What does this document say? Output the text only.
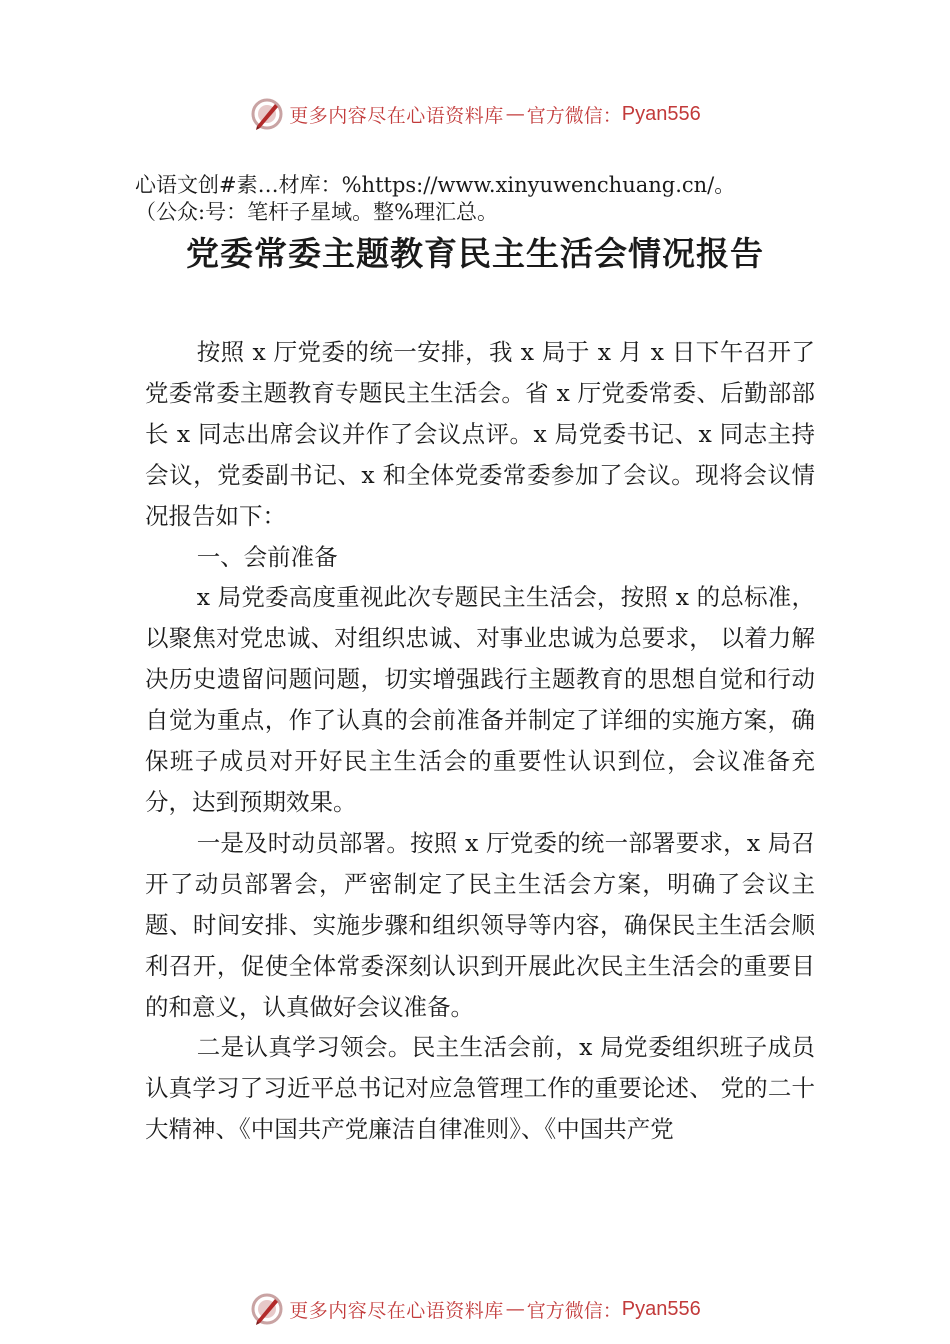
更多内容尽在心语资料库 — 官方微信： Pyan556
心语文创#素…材库：%https://www.xinyuwenchuang.cn/。
（公众:号：笔杆子星域。整%理汇总。
党委常委主题教育民主生活会情况报告

按照 x 厅党委的统一安排，我 x 局于 x 月 x 日下午召开了党委常委主题教育专题民主生活会。省 x 厅党委常委、后勤部部长 x 同志出席会议并作了会议点评。x 局党委书记、x 同志主持会议，党委副书记、x 和全体党委常委参加了会议。现将会议情况报告如下：

一、会前准备

x 局党委高度重视此次专题民主生活会，按照 x 的总标准，以聚焦对党忠诚、对组织忠诚、对事业忠诚为总要求， 以着力解决历史遗留问题问题，切实增强践行主题教育的思想自觉和行动自觉为重点，作了认真的会前准备并制定了详细的实施方案，确保班子成员对开好民主生活会的重要性认识到位，会议准备充分，达到预期效果。

一是及时动员部署。按照 x 厅党委的统一部署要求，x 局召开了动员部署会，严密制定了民主生活会方案，明确了会议主题、时间安排、实施步骤和组织领导等内容，确保民主生活会顺利召开，促使全体常委深刻认识到开展此次民主生活会的重要目的和意义，认真做好会议准备。

二是认真学习领会。民主生活会前，x 局党委组织班子成员认真学习了习近平总书记对应急管理工作的重要论述、 党的二十大精神、《中国共产党廉洁自律准则》、《中国共产党

更多内容尽在心语资料库 — 官方微信： Pyan556
